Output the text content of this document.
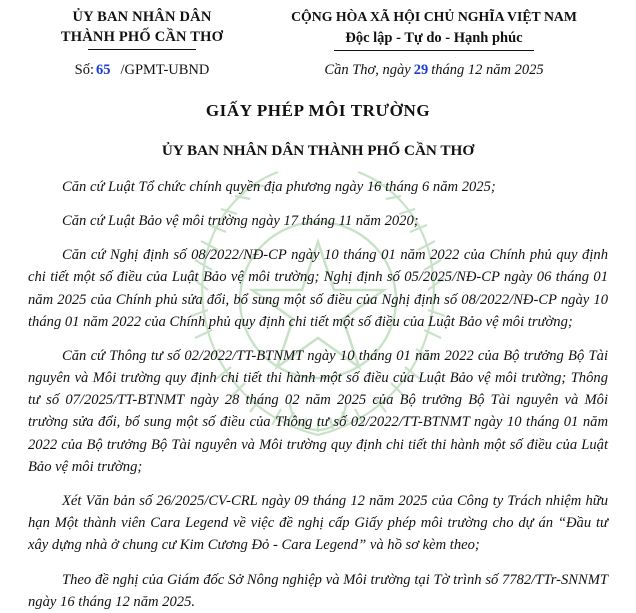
ỦY BAN NHÂN DÂN
THÀNH PHỐ CẦN THƠ
CỘNG HÒA XÃ HỘI CHỦ NGHĨA VIỆT NAM
Độc lập - Tự do - Hạnh phúc
Số: 65 /GPMT-UBND	Cần Thơ, ngày 29 tháng 12 năm 2025
GIẤY PHÉP MÔI TRƯỜNG
ỦY BAN NHÂN DÂN THÀNH PHỐ CẦN THƠ

Căn cứ Luật Tổ chức chính quyền địa phương ngày 16 tháng 6 năm 2025;

Căn cứ Luật Bảo vệ môi trường ngày 17 tháng 11 năm 2020;

Căn cứ Nghị định số 08/2022/NĐ-CP ngày 10 tháng 01 năm 2022 của Chính phủ quy định chi tiết một số điều của Luật Bảo vệ môi trường; Nghị định số 05/2025/NĐ-CP ngày 06 tháng 01 năm 2025 của Chính phủ sửa đổi, bổ sung một số điều của Nghị định số 08/2022/NĐ-CP ngày 10 tháng 01 năm 2022 của Chính phủ quy định chi tiết một số điều của Luật Bảo vệ môi trường;

Căn cứ Thông tư số 02/2022/TT-BTNMT ngày 10 tháng 01 năm 2022 của Bộ trưởng Bộ Tài nguyên và Môi trường quy định chi tiết thi hành một số điều của Luật Bảo vệ môi trường; Thông tư số 07/2025/TT-BTNMT ngày 28 tháng 02 năm 2025 của Bộ trưởng Bộ Tài nguyên và Môi trường sửa đổi, bổ sung một số điều của Thông tư số 02/2022/TT-BTNMT ngày 10 tháng 01 năm 2022 của Bộ trưởng Bộ Tài nguyên và Môi trường quy định chi tiết thi hành một số điều của Luật Bảo vệ môi trường;

Xét Văn bản số 26/2025/CV-CRL ngày 09 tháng 12 năm 2025 của Công ty Trách nhiệm hữu hạn Một thành viên Cara Legend về việc đề nghị cấp Giấy phép môi trường cho dự án “Đầu tư xây dựng nhà ở chung cư Kim Cương Đỏ - Cara Legend” và hồ sơ kèm theo;

Theo đề nghị của Giám đốc Sở Nông nghiệp và Môi trường tại Tờ trình số 7782/TTr-SNNMT ngày 16 tháng 12 năm 2025.
